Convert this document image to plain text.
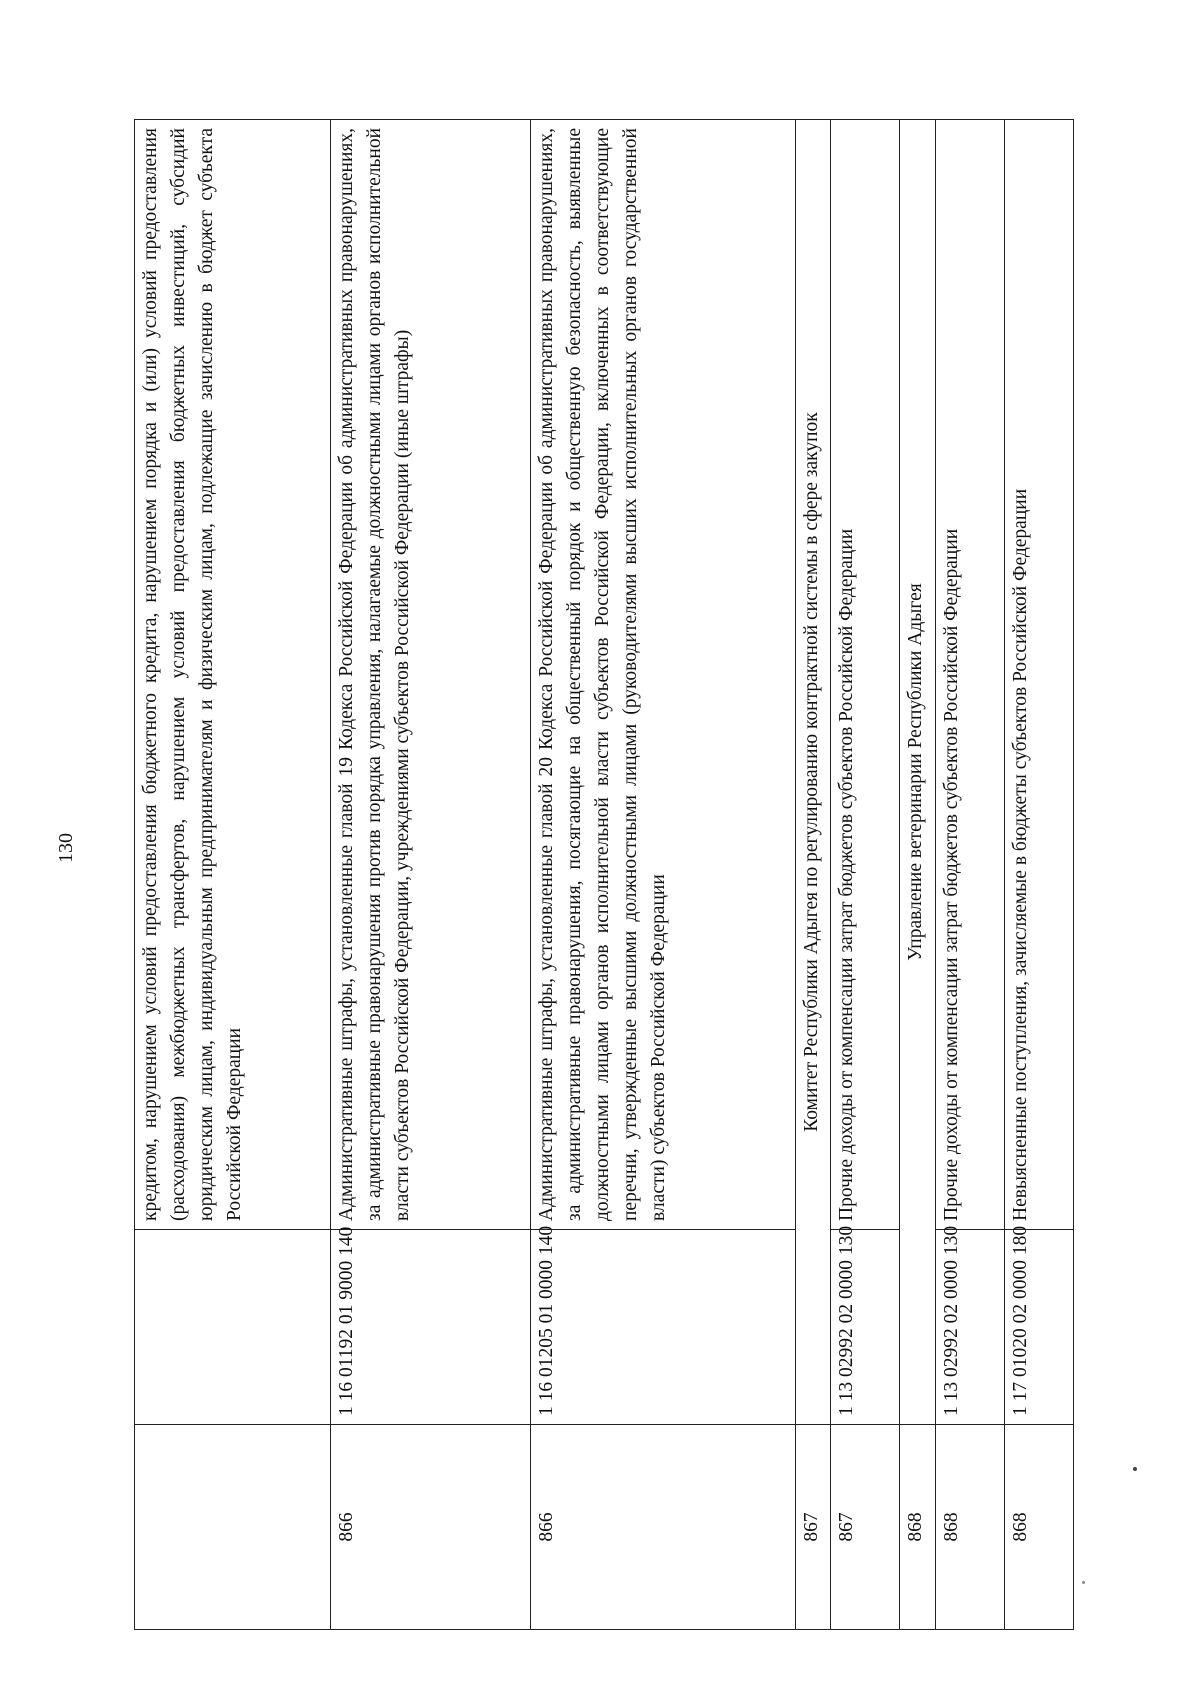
130
			кредитом, нарушением условий предоставления бюджетного кредита, нарушением порядка и (или) условий предоставления (расходования) межбюджетных трансфертов, нарушением условий предоставления бюджетных инвестиций, субсидий юридическим лицам, индивидуальным предпринимателям и физическим лицам, подлежащие зачислению в бюджет субъекта Российской Федерации
866	1 16 01192 01 9000 140	Административные штрафы, установленные главой 19 Кодекса Российской Федерации об административных правонарушениях, за административные правонарушения против порядка управления, налагаемые должностными лицами органов исполнительной власти субъектов Российской Федерации, учреждениями субъектов Российской Федерации (иные штрафы)
866	1 16 01205 01 0000 140	Административные штрафы, установленные главой 20 Кодекса Российской Федерации об административных правонарушениях, за административные правонарушения, посягающие на общественный порядок и общественную безопасность, выявленные должностными лицами органов исполнительной власти субъектов Российской Федерации, включенных в соответствующие перечни, утвержденные высшими должностными лицами (руководителями высших исполнительных органов государственной власти) субъектов Российской Федерации
867	Комитет Республики Адыгея по регулированию контрактной системы в сфере закупок	
867	1 13 02992 02 0000 130	Прочие доходы от компенсации затрат бюджетов субъектов Российской Федерации
868	Управление ветеринарии Республики Адыгея	
868	1 13 02992 02 0000 130	Прочие доходы от компенсации затрат бюджетов субъектов Российской Федерации
868	1 17 01020 02 0000 180	Невыясненные поступления, зачисляемые в бюджеты субъектов Российской Федерации
